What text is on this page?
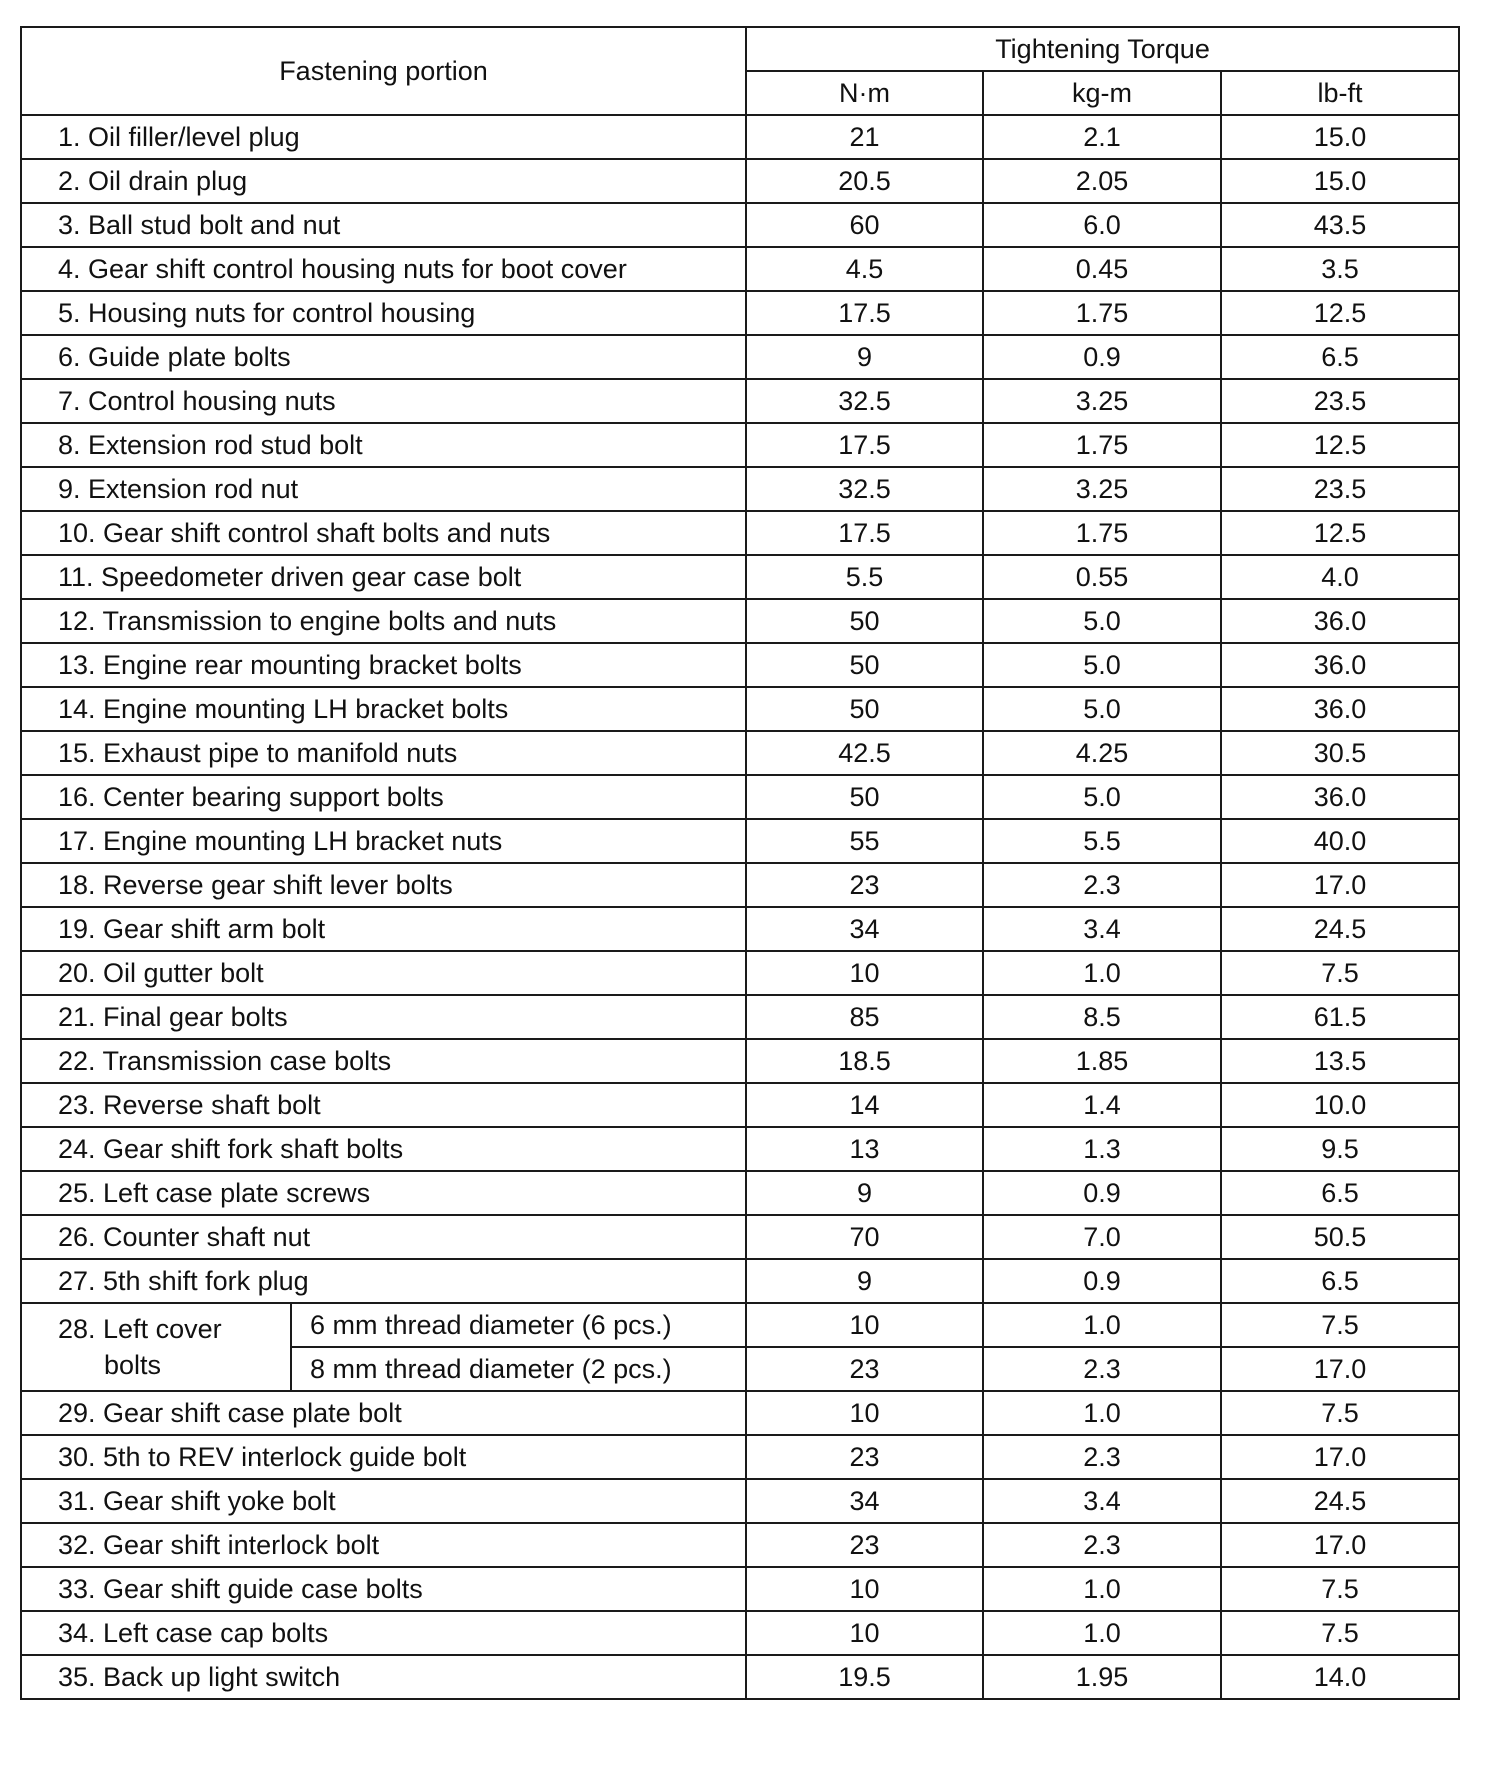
Fastening portion		Tightening Torque		
		N·m	kg-m	lb-ft
1. Oil filler/level plug		21	2.1	15.0
2. Oil drain plug		20.5	2.05	15.0
3. Ball stud bolt and nut		60	6.0	43.5
4. Gear shift control housing nuts for boot cover		4.5	0.45	3.5
5. Housing nuts for control housing		17.5	1.75	12.5
6. Guide plate bolts		9	0.9	6.5
7. Control housing nuts		32.5	3.25	23.5
8. Extension rod stud bolt		17.5	1.75	12.5
9. Extension rod nut		32.5	3.25	23.5
10. Gear shift control shaft bolts and nuts		17.5	1.75	12.5
11. Speedometer driven gear case bolt		5.5	0.55	4.0
12. Transmission to engine bolts and nuts		50	5.0	36.0
13. Engine rear mounting bracket bolts		50	5.0	36.0
14. Engine mounting LH bracket bolts		50	5.0	36.0
15. Exhaust pipe to manifold nuts		42.5	4.25	30.5
16. Center bearing support bolts		50	5.0	36.0
17. Engine mounting LH bracket nuts		55	5.5	40.0
18. Reverse gear shift lever bolts		23	2.3	17.0
19. Gear shift arm bolt		34	3.4	24.5
20. Oil gutter bolt		10	1.0	7.5
21. Final gear bolts		85	8.5	61.5
22. Transmission case bolts		18.5	1.85	13.5
23. Reverse shaft bolt		14	1.4	10.0
24. Gear shift fork shaft bolts		13	1.3	9.5
25. Left case plate screws		9	0.9	6.5
26. Counter shaft nut		70	7.0	50.5
27. 5th shift fork plug		9	0.9	6.5
28. Left cover
bolts	6 mm thread diameter (6 pcs.)	10	1.0	7.5
	8 mm thread diameter (2 pcs.)	23	2.3	17.0
29. Gear shift case plate bolt		10	1.0	7.5
30. 5th to REV interlock guide bolt		23	2.3	17.0
31. Gear shift yoke bolt		34	3.4	24.5
32. Gear shift interlock bolt		23	2.3	17.0
33. Gear shift guide case bolts		10	1.0	7.5
34. Left case cap bolts		10	1.0	7.5
35. Back up light switch		19.5	1.95	14.0
